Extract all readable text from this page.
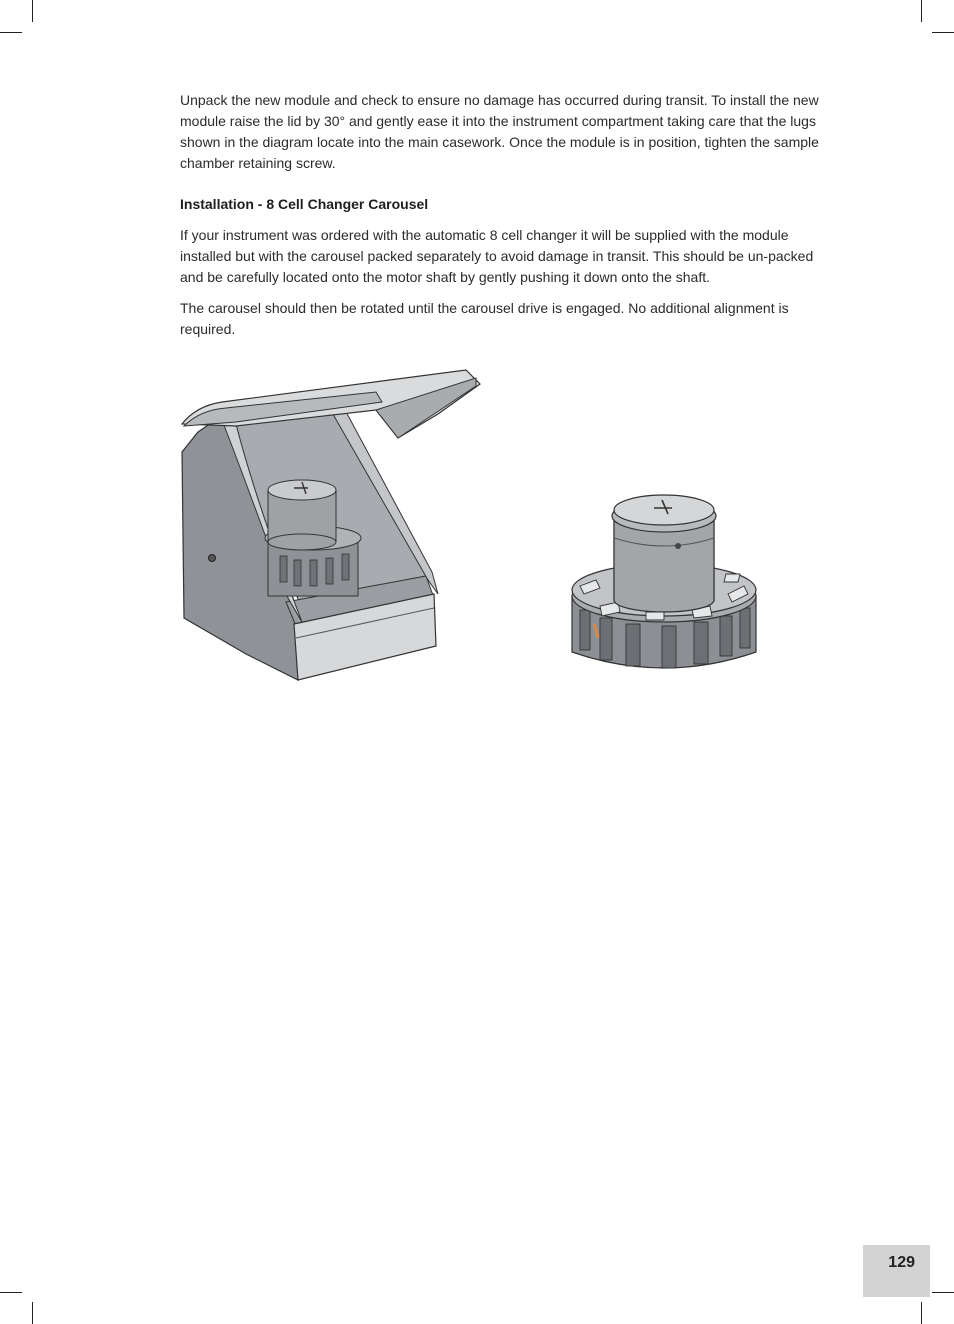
Unpack the new module and check to ensure no damage has occurred during transit. To install the new module raise the lid by 30° and gently ease it into the instrument compartment taking care that the lugs shown in the diagram locate into the main casework. Once the module is in position, tighten the sample chamber retaining screw.

Installation - 8 Cell Changer Carousel

If your instrument was ordered with the automatic 8 cell changer it will be supplied with the module installed but with the carousel packed separately to avoid damage in transit. This should be un-packed and be carefully located onto the motor shaft by gently pushing it down onto the shaft.

The carousel should then be rotated until the carousel drive is engaged. No additional alignment is required.

129
